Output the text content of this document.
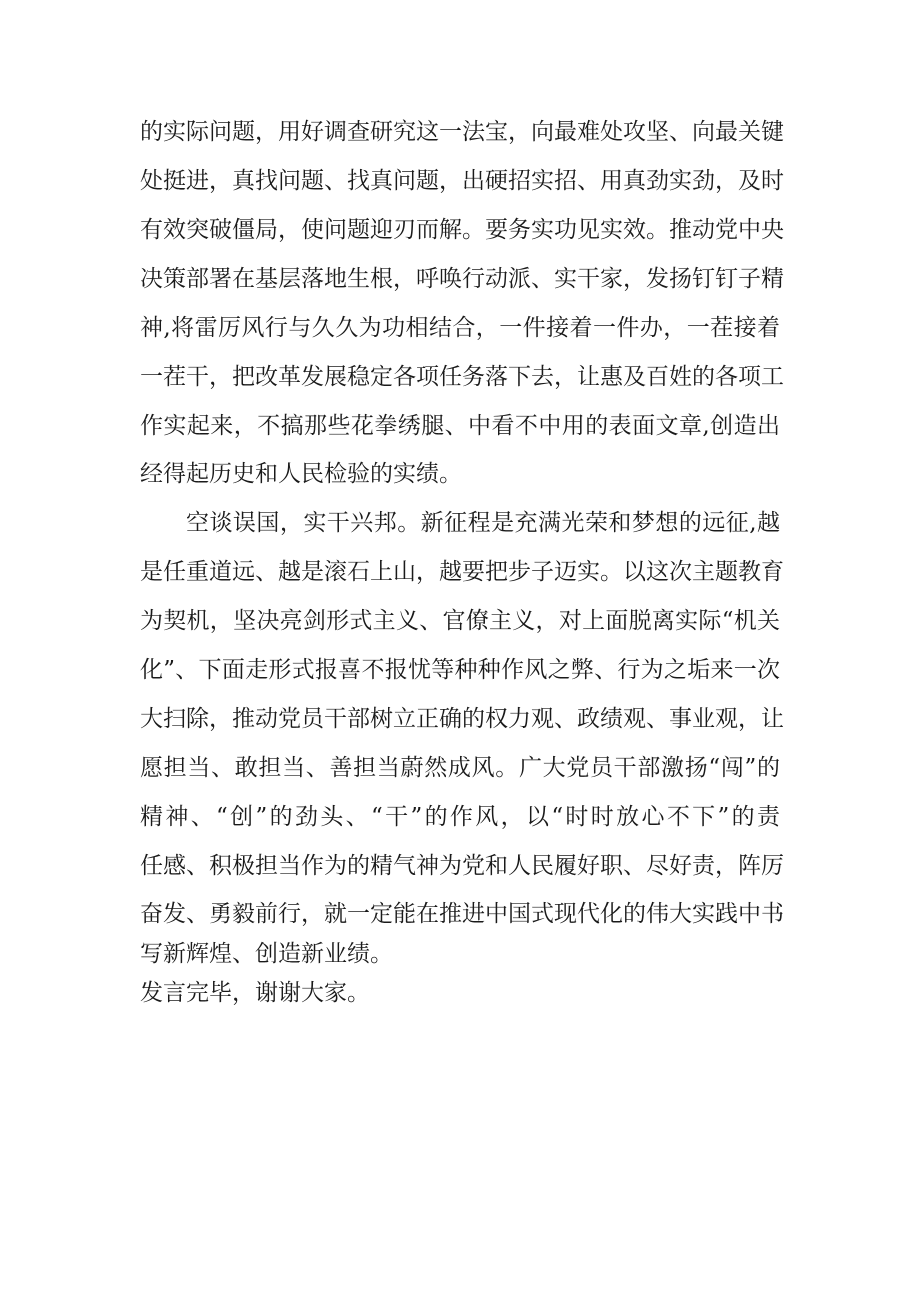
的实际问题，用好调查研究这一法宝，向最难处攻坚、向最关键
处挺进，真找问题、找真问题，出硬招实招、用真劲实劲，及时
有效突破僵局，使问题迎刃而解。要务实功见实效。推动党中央
决策部署在基层落地生根，呼唤行动派、实干家，发扬钉钉子精
神,将雷厉风行与久久为功相结合，一件接着一件办，一茬接着
一茬干，把改革发展稳定各项任务落下去，让惠及百姓的各项工
作实起来，不搞那些花拳绣腿、中看不中用的表面文章,创造出
经得起历史和人民检验的实绩。
空谈误国，实干兴邦。新征程是充满光荣和梦想的远征,越
是任重道远、越是滚石上山，越要把步子迈实。以这次主题教育
为契机，坚决亮剑形式主义、官僚主义，对上面脱离实际“机关
化”、下面走形式报喜不报忧等种种作风之弊、行为之垢来一次
大扫除，推动党员干部树立正确的权力观、政绩观、事业观，让
愿担当、敢担当、善担当蔚然成风。广大党员干部激扬“闯”的
精神、“创”的劲头、“干”的作风，以“时时放心不下”的责
任感、积极担当作为的精气神为党和人民履好职、尽好责，阵厉
奋发、勇毅前行，就一定能在推进中国式现代化的伟大实践中书
写新辉煌、创造新业绩。
发言完毕，谢谢大家。
